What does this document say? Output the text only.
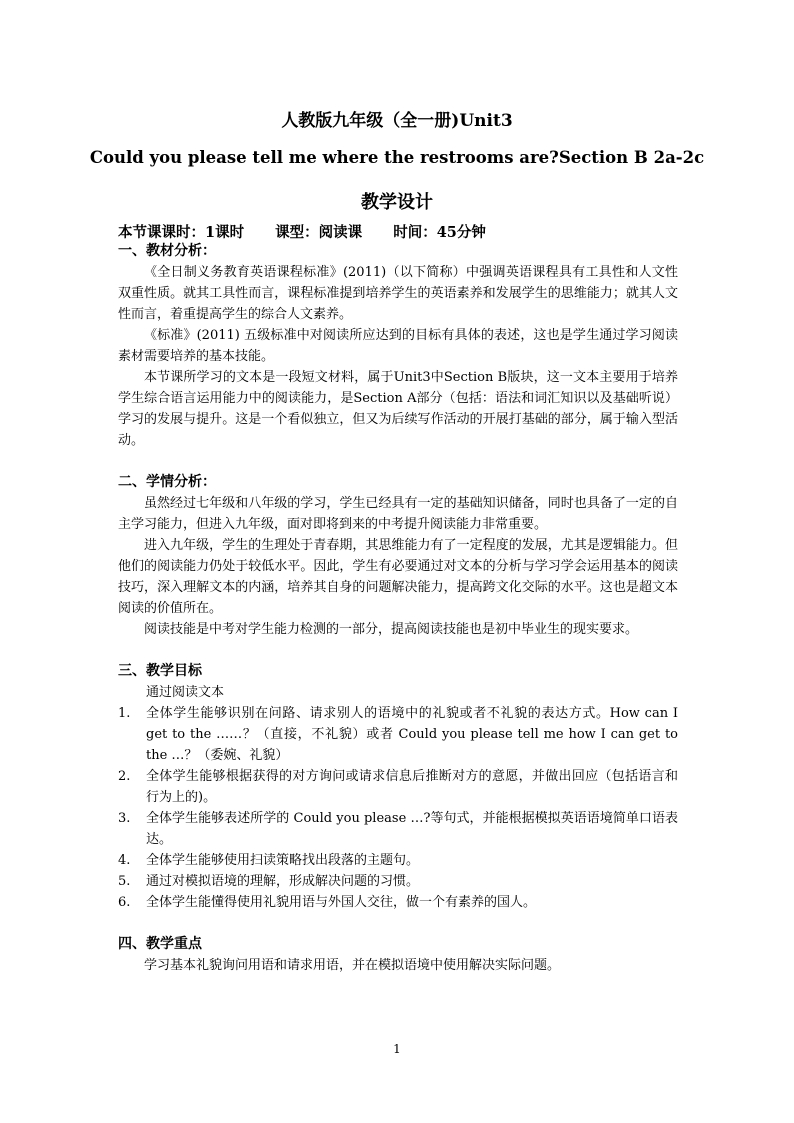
人教版九年级（全一册)Unit3
Could you please tell me where the restrooms are?Section B 2a-2c
教学设计
本节课课时：1课时 课型：阅读课 时间：45分钟
一、教材分析：

《全日制义务教育英语课程标准》(2011)（以下简称）中强调英语课程具有工具性和人文性双重性质。就其工具性而言，课程标准提到培养学生的英语素养和发展学生的思维能力；就其人文性而言，着重提高学生的综合人文素养。

《标准》(2011) 五级标准中对阅读所应达到的目标有具体的表述，这也是学生通过学习阅读素材需要培养的基本技能。

本节课所学习的文本是一段短文材料，属于Unit3中Section B版块，这一文本主要用于培养学生综合语言运用能力中的阅读能力，是Section A部分（包括：语法和词汇知识以及基础听说）学习的发展与提升。这是一个看似独立，但又为后续写作活动的开展打基础的部分，属于输入型活动。

二、学情分析：

虽然经过七年级和八年级的学习，学生已经具有一定的基础知识储备，同时也具备了一定的自主学习能力，但进入九年级，面对即将到来的中考提升阅读能力非常重要。

进入九年级，学生的生理处于青春期，其思维能力有了一定程度的发展，尤其是逻辑能力。但他们的阅读能力仍处于较低水平。因此，学生有必要通过对文本的分析与学习学会运用基本的阅读技巧，深入理解文本的内涵，培养其自身的问题解决能力，提高跨文化交际的水平。这也是超文本阅读的价值所在。

阅读技能是中考对学生能力检测的一部分，提高阅读技能也是初中毕业生的现实要求。

三、教学目标
通过阅读文本
1. 全体学生能够识别在问路、请求别人的语境中的礼貌或者不礼貌的表达方式。How can I get to the ……？（直接，不礼貌）或者 Could you please tell me how I can get to the …？（委婉、礼貌）
2. 全体学生能够根据获得的对方询问或请求信息后推断对方的意愿，并做出回应（包括语言和行为上的)。
3. 全体学生能够表述所学的 Could you please …?等句式，并能根据模拟英语语境简单口语表达。
4. 全体学生能够使用扫读策略找出段落的主题句。
5. 通过对模拟语境的理解，形成解决问题的习惯。
6. 全体学生能懂得使用礼貌用语与外国人交往，做一个有素养的国人。
四、教学重点

学习基本礼貌询问用语和请求用语，并在模拟语境中使用解决实际问题。

1
